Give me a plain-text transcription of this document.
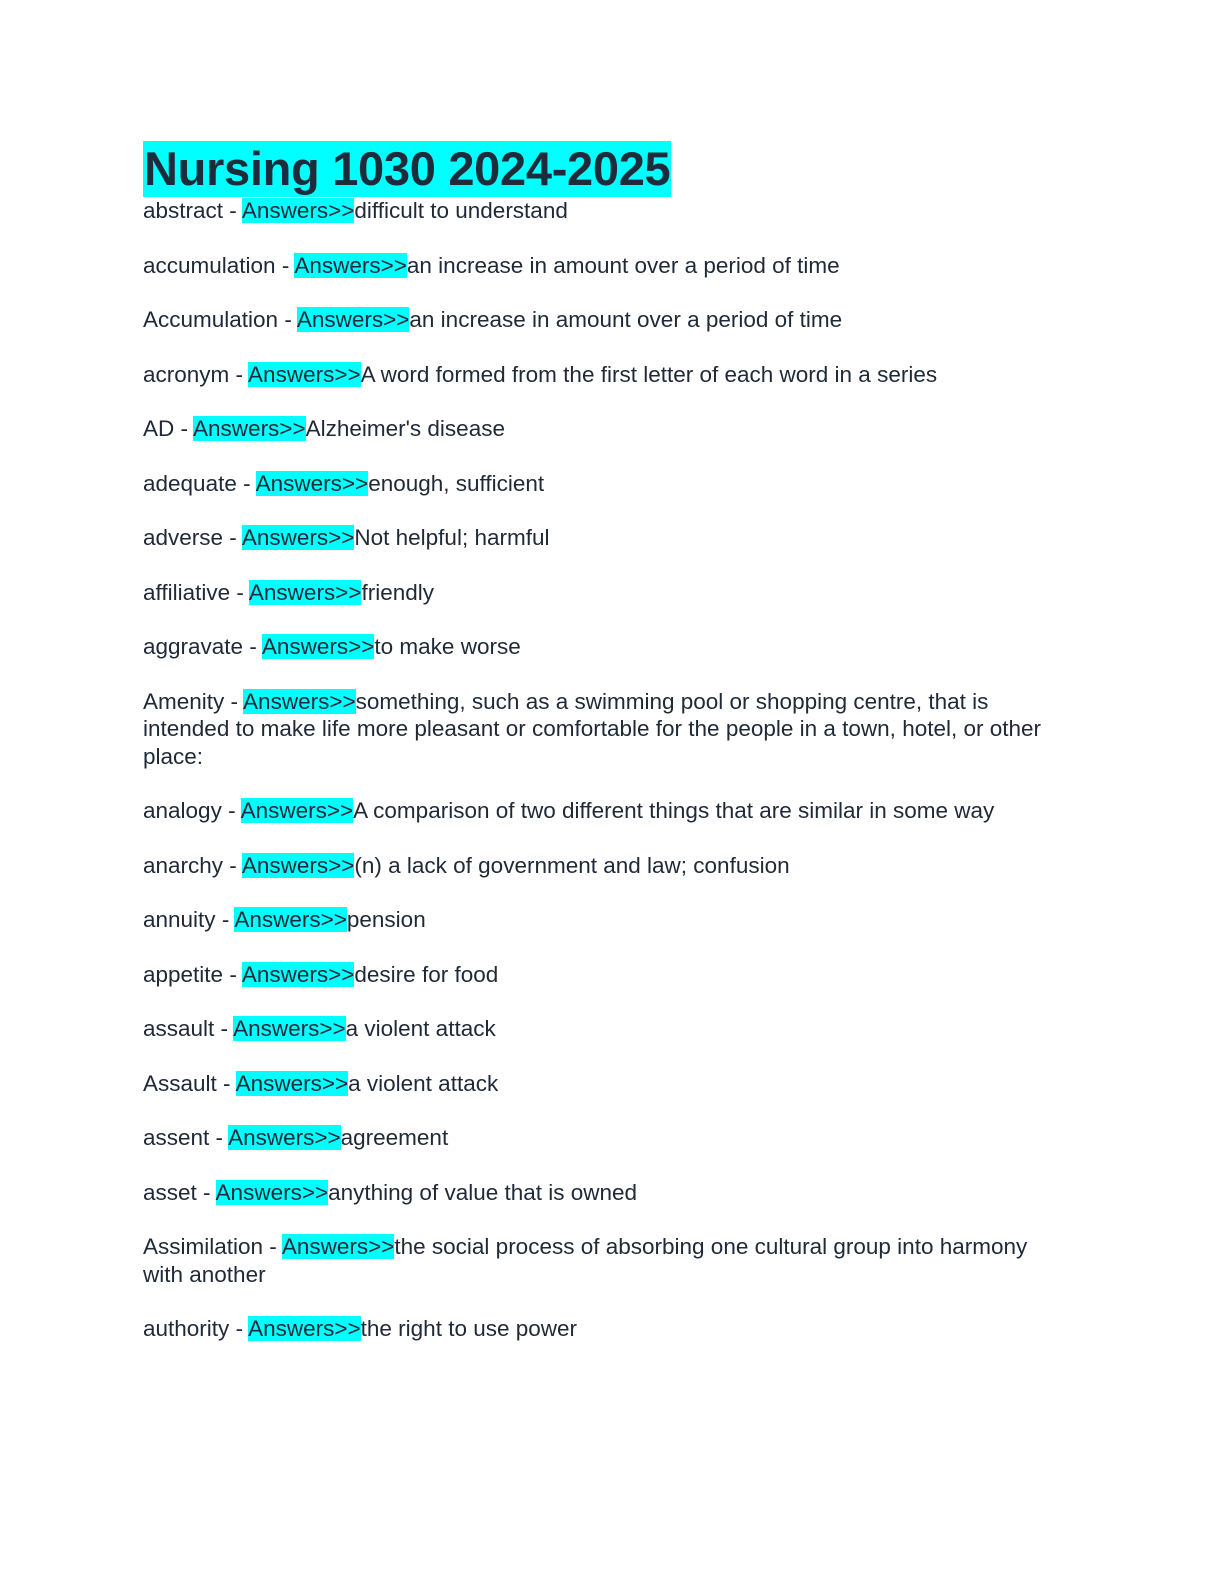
Nursing 1030 2024-2025
abstract - Answers>>difficult to understand
accumulation - Answers>>an increase in amount over a period of time
Accumulation - Answers>>an increase in amount over a period of time
acronym - Answers>>A word formed from the first letter of each word in a series
AD - Answers>>Alzheimer's disease
adequate - Answers>>enough, sufficient
adverse - Answers>>Not helpful; harmful
affiliative - Answers>>friendly
aggravate - Answers>>to make worse
Amenity - Answers>>something, such as a swimming pool or shopping centre, that is intended to make life more pleasant or comfortable for the people in a town, hotel, or other place:
analogy - Answers>>A comparison of two different things that are similar in some way
anarchy - Answers>>(n) a lack of government and law; confusion
annuity - Answers>>pension
appetite - Answers>>desire for food
assault - Answers>>a violent attack
Assault - Answers>>a violent attack
assent - Answers>>agreement
asset - Answers>>anything of value that is owned
Assimilation - Answers>>the social process of absorbing one cultural group into harmony with another
authority - Answers>>the right to use power
